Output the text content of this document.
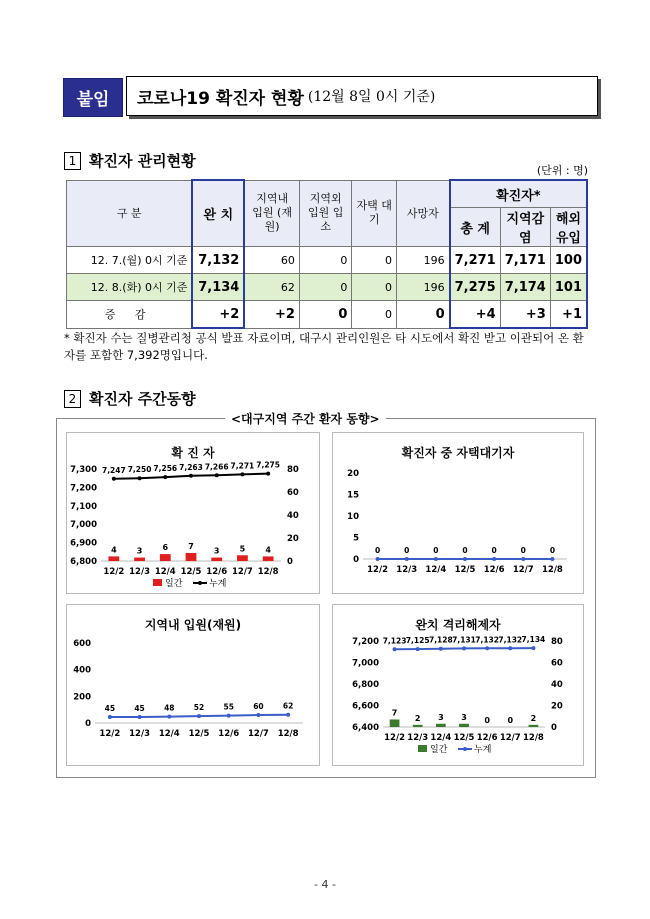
붙임	코로나19 확진자 현황 (12월 8일 0시 기준)
1 확진자 관리현황
(단위 : 명)
구 분	완 치	지역내 입원 (재원)	지역외 입원 입소	자택 대기	사망자	확진자*		
						총 계	지역감염	해외유입
12. 7.(월) 0시 기준	7,132	60	0	0	196	7,271	7,171	100
12. 8.(화) 0시 기준	7,134	62	0	0	196	7,275	7,174	101
증 감	+2	+2	0	0	0	+4	+3	+1
* 확진자 수는 질병관리청 공식 발표 자료이며, 대구시 관리인원은 타 시도에서 확진 받고 이관되어 온 환자를 포함한 7,392명입니다.
2 확진자 주간동향
<대구지역 주간 환자 동향>
확 진 자
6,800
6,900
7,000
7,100
7,200
7,300
0
20
40
60
80
12/2 12/3 12/4 12/5 12/6 12/7 12/8
4	3	6	7
3	5	4
7,247 7,250 7,256 7,263 7,266 7,271 7,275
일간	누계
확진자 중 자택대기자
0
5
10
15
20
12/2 12/3 12/4 12/5 12/6 12/7 12/8
0	0	0	0	0	0	0
지역내 입원(재원)
0
200
400
600
12/2 12/3 12/4 12/5 12/6 12/7 12/8
45	45	48	52	55	60	62
완치 격리해제자
6,400
6,600
6,800
7,000
7,200
0
20
40
60
80
12/2 12/3 12/4 12/5 12/6 12/7 12/8
7
2 3 3 0 0 2
7,123 7,125 7,128 7,131 7,132 7,132 7,134
일간	누계
- 4 -
